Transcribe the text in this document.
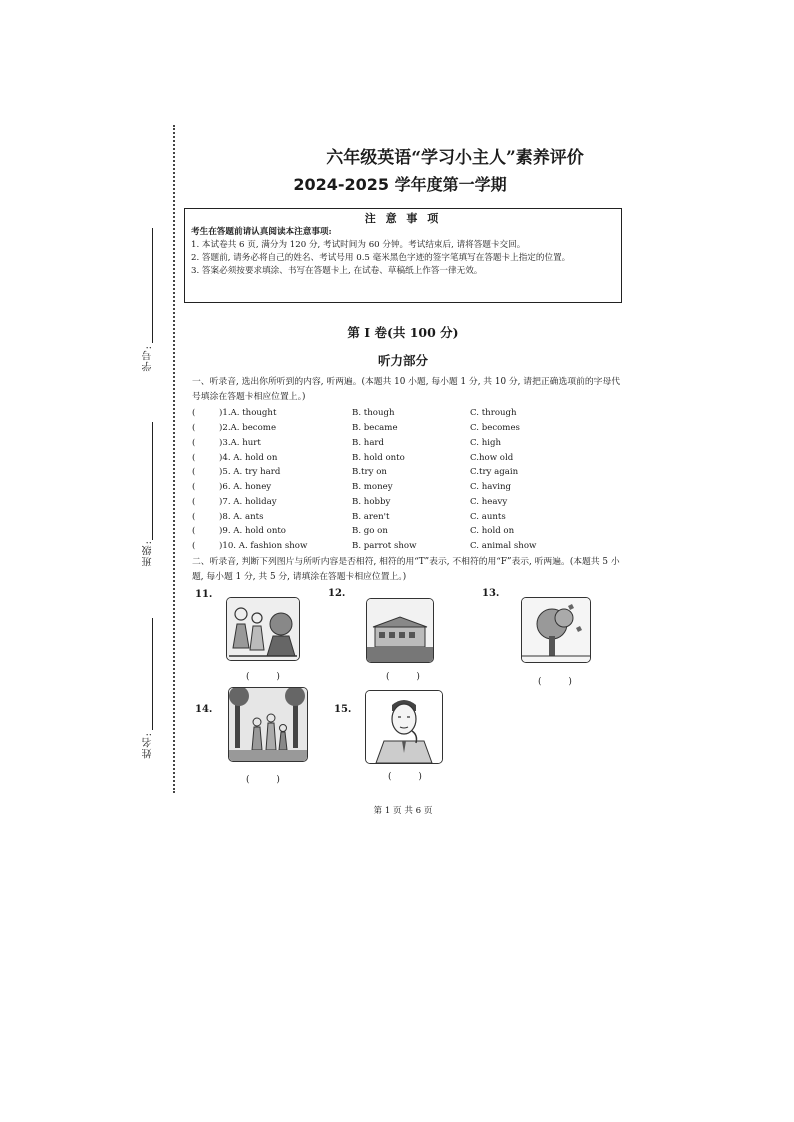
学号:
班级:
姓名:
六年级英语“学习小主人”素养评价
2024-2025 学年度第一学期
注 意 事 项
考生在答题前请认真阅读本注意事项:
1. 本试卷共 6 页, 满分为 120 分, 考试时间为 60 分钟。考试结束后, 请将答题卡交回。
2. 答题前, 请务必将自己的姓名、考试号用 0.5 毫米黑色字迹的签字笔填写在答题卡上指定的位置。
3. 答案必须按要求填涂、书写在答题卡上, 在试卷、草稿纸上作答一律无效。
第 I 卷(共 100 分)
听力部分
一、听录音, 选出你所听到的内容, 听两遍。(本题共 10 小题, 每小题 1 分, 共 10 分, 请把正确选项前的字母代号填涂在答题卡相应位置上。)
(	)1.A. thought	B. though	C. through
(	)2.A. become	B. became	C. becomes
(	)3.A. hurt	B. hard	C. high
(	)4. A. hold on	B. hold onto	C.how old
(	)5. A. try hard	B.try on	C.try again
(	)6. A. honey	B. money	C. having
(	)7. A. holiday	B. hobby	C. heavy
(	)8. A. ants	B. aren't	C. aunts
(	)9. A. hold onto	B. go on	C. hold on
(	)10. A. fashion show	B. parrot show	C. animal show
二、听录音, 判断下列图片与所听内容是否相符, 相符的用“T”表示, 不相符的用“F”表示, 听两遍。(本题共 5 小题, 每小题 1 分, 共 5 分, 请填涂在答题卡相应位置上。)
11.
( )
12.
( )
13.
( )
14.
( )
15.
( )
第 1 页 共 6 页
